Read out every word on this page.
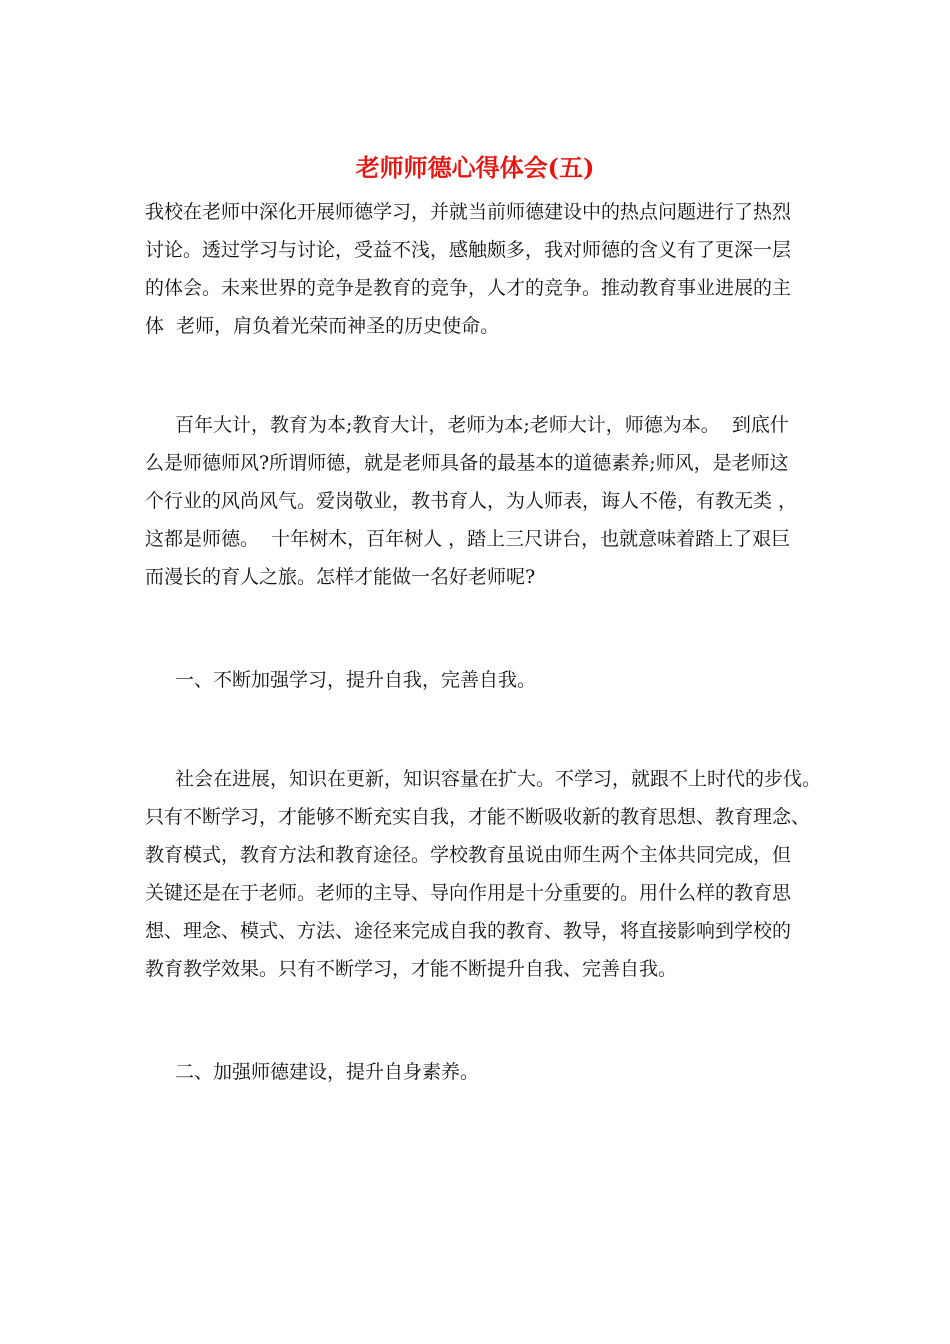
老师师德心得体会(五)
我校在老师中深化开展师德学习，并就当前师德建设中的热点问题进行了热烈
讨论。透过学习与讨论，受益不浅，感触颇多，我对师德的含义有了更深一层
的体会。未来世界的竞争是教育的竞争，人才的竞争。推动教育事业进展的主
体  老师，肩负着光荣而神圣的历史使命。
百年大计，教育为本;教育大计，老师为本;老师大计，师德为本。  到底什
么是师德师风?所谓师德，就是老师具备的最基本的道德素养;师风，是老师这
个行业的风尚风气。爱岗敬业，教书育人，为人师表，诲人不倦，有教无类 ，
这都是师德。  十年树木，百年树人 ，踏上三尺讲台，也就意味着踏上了艰巨
而漫长的育人之旅。怎样才能做一名好老师呢?
一、不断加强学习，提升自我，完善自我。
社会在进展，知识在更新，知识容量在扩大。不学习，就跟不上时代的步伐。
只有不断学习，才能够不断充实自我，才能不断吸收新的教育思想、教育理念、
教育模式，教育方法和教育途径。学校教育虽说由师生两个主体共同完成，但
关键还是在于老师。老师的主导、导向作用是十分重要的。用什么样的教育思
想、理念、模式、方法、途径来完成自我的教育、教导，将直接影响到学校的
教育教学效果。只有不断学习，才能不断提升自我、完善自我。
二、加强师德建设，提升自身素养。
